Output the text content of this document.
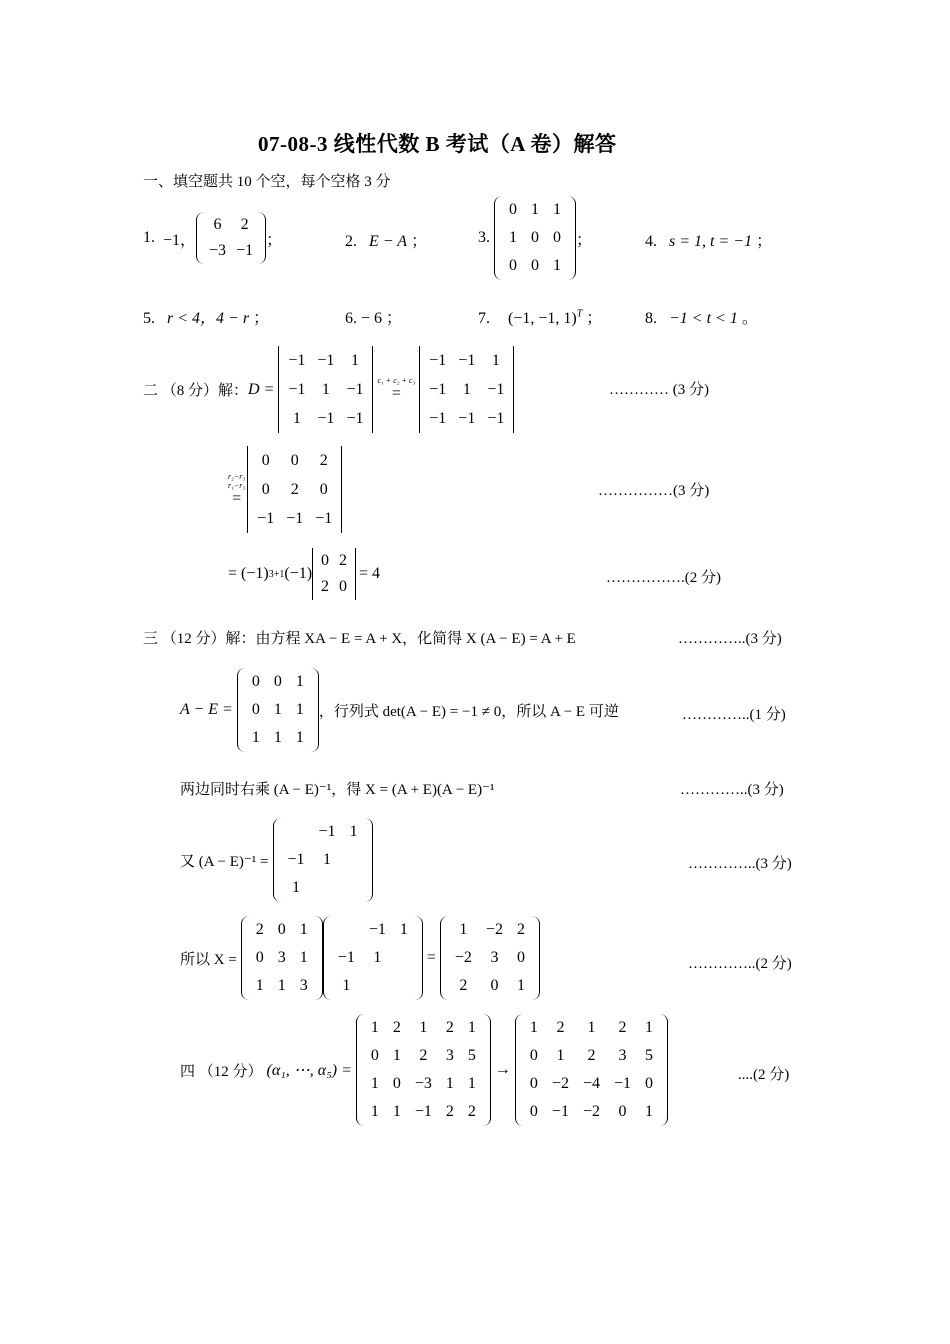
07-08-3 线性代数 B 考试（A 卷）解答
一、填空题共 10 个空，每个空格 3 分
1. −1，
6	2
−3	−1
；	2. E − A ；	3.
0	1	1
1	0	0
0	0	1
；	4. s = 1, t = −1 ；
5. r < 4，4 − r ；	6. − 6 ；	7. (−1, −1, 1)$^T$ ；	8. −1 < t < 1 。
二 （8 分）解： D =
−1	−1	1
−1	1	−1
1	−1	−1
c₁ + c₂ + c₃
=
−1	−1	1
−1	1	−1
−1	−1	−1
………… (3 分)
r₂−r₃
r₁−r₃
=
0	0	2
0	2	0
−1	−1	−1
……………(3 分)
= (−1) 3+1 (−1)
0	2
2	0
= 4	…………….(2 分)
三 （12 分）解：由方程 XA − E = A + X，化简得 X (A − E) = A + E	…………..(3 分)
A − E =
0	0	1
0	1	1
1	1	1
，行列式 det(A − E) = −1 ≠ 0，所以 A − E 可逆	…………..(1 分)
两边同时右乘 (A − E)⁻¹，得 X = (A + E)(A − E)⁻¹	…………..(3 分)
又 (A − E)⁻¹ =
	−1	1
−1	1	
1		
…………..(3 分)
所以 X =
2	0	1
0	3	1
1	1	3
	−1	1
−1	1	
1		
=
1	−2	2
−2	3	0
2	0	1
…………..(2 分)
四 （12 分） (α₁, ⋯, α₅) =
1	2	1	2	1
0	1	2	3	5
1	0	−3	1	1
1	1	−1	2	2
→
1	2	1	2	1
0	1	2	3	5
0	−2	−4	−1	0
0	−1	−2	0	1
....(2 分)
